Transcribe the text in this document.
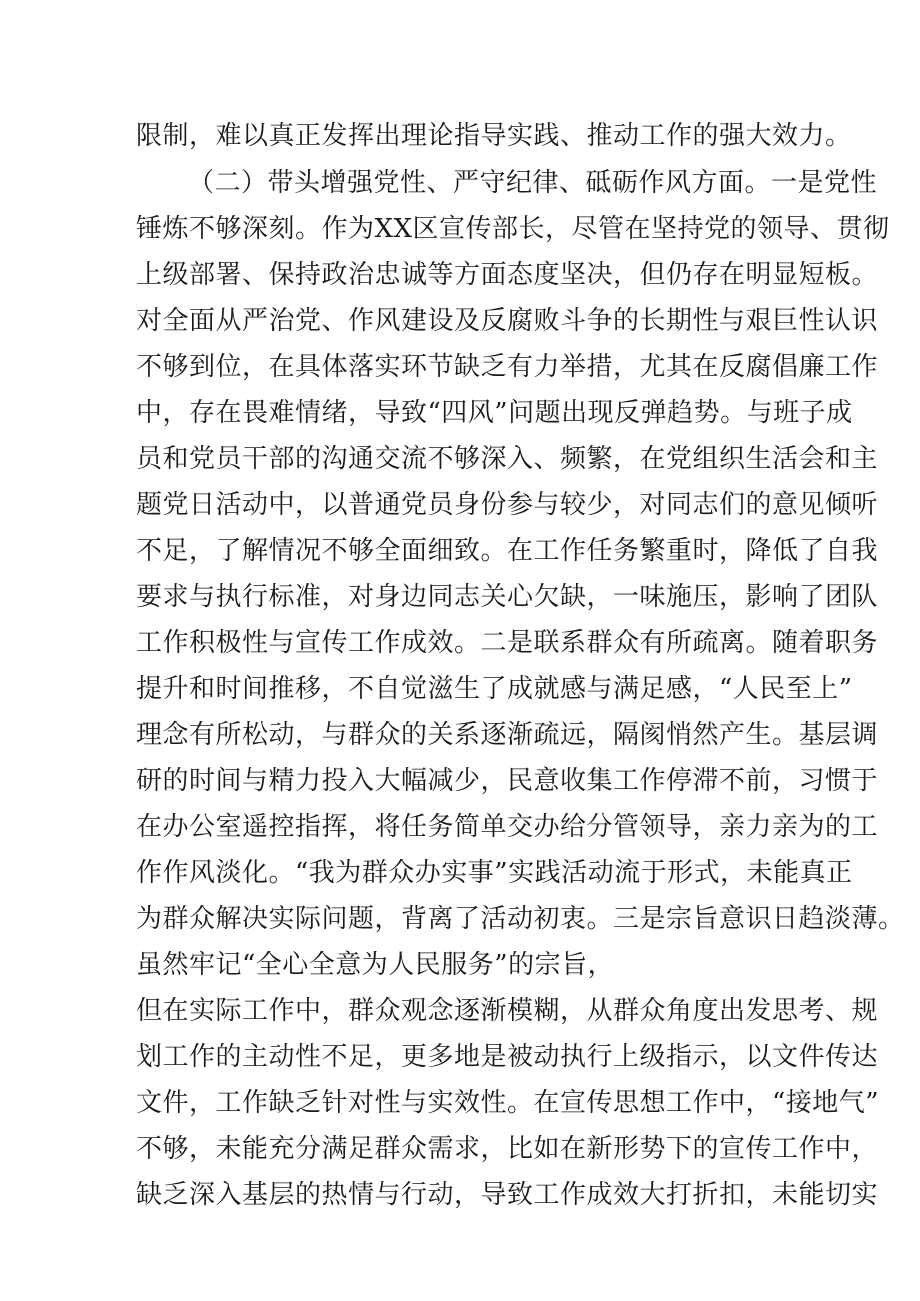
限制，难以真正发挥出理论指导实践、推动工作的强大效力。
（二）带头增强党性、严守纪律、砥砺作风方面。一是党性
锤炼不够深刻。作为XX区宣传部长，尽管在坚持党的领导、贯彻
上级部署、保持政治忠诚等方面态度坚决，但仍存在明显短板。
对全面从严治党、作风建设及反腐败斗争的长期性与艰巨性认识
不够到位，在具体落实环节缺乏有力举措，尤其在反腐倡廉工作
中，存在畏难情绪，导致“四风”问题出现反弹趋势。与班子成
员和党员干部的沟通交流不够深入、频繁，在党组织生活会和主
题党日活动中，以普通党员身份参与较少，对同志们的意见倾听
不足，了解情况不够全面细致。在工作任务繁重时，降低了自我
要求与执行标准，对身边同志关心欠缺，一味施压，影响了团队
工作积极性与宣传工作成效。二是联系群众有所疏离。随着职务
提升和时间推移，不自觉滋生了成就感与满足感，“人民至上”
理念有所松动，与群众的关系逐渐疏远，隔阂悄然产生。基层调
研的时间与精力投入大幅减少，民意收集工作停滞不前，习惯于
在办公室遥控指挥，将任务简单交办给分管领导，亲力亲为的工
作作风淡化。“我为群众办实事”实践活动流于形式，未能真正
为群众解决实际问题，背离了活动初衷。三是宗旨意识日趋淡薄。
虽然牢记“全心全意为人民服务”的宗旨，
但在实际工作中，群众观念逐渐模糊，从群众角度出发思考、规
划工作的主动性不足，更多地是被动执行上级指示，以文件传达
文件，工作缺乏针对性与实效性。在宣传思想工作中，“接地气”
不够，未能充分满足群众需求，比如在新形势下的宣传工作中，
缺乏深入基层的热情与行动，导致工作成效大打折扣，未能切实
